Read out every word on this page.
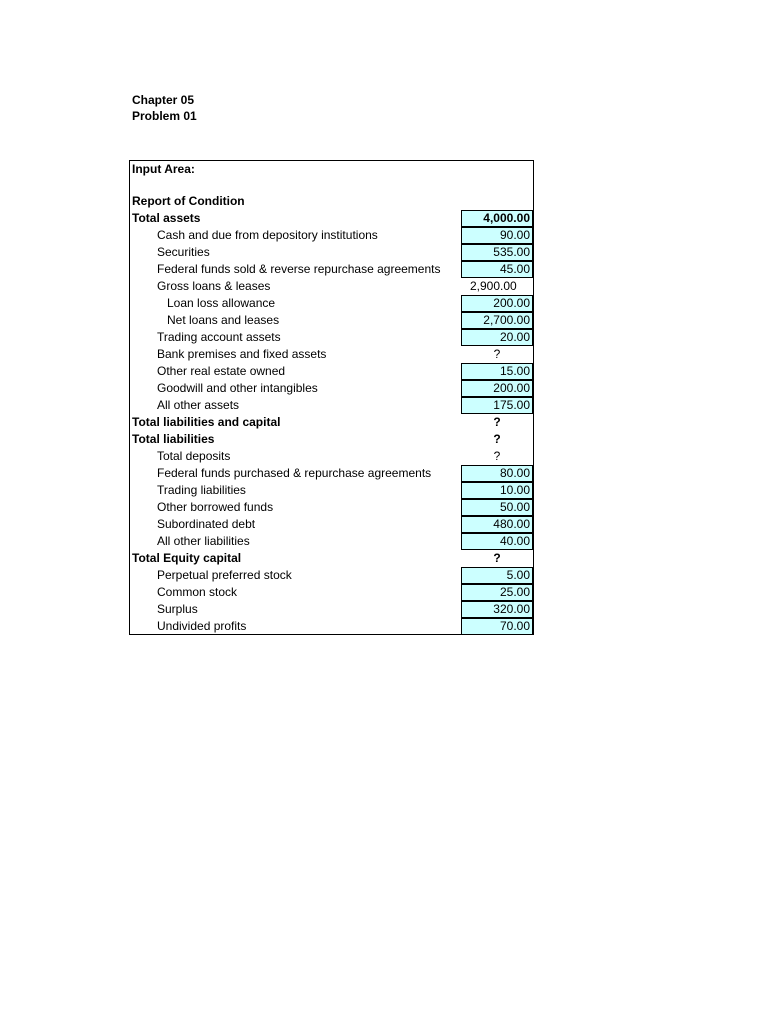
Chapter 05
Problem 01
Input Area:
Report of Condition
Total assets	4,000.00
Cash and due from depository institutions	90.00
Securities	535.00
Federal funds sold & reverse repurchase agreements	45.00
Gross loans & leases	2,900.00
Loan loss allowance	200.00
Net loans and leases	2,700.00
Trading account assets	20.00
Bank premises and fixed assets	?
Other real estate owned	15.00
Goodwill and other intangibles	200.00
All other assets	175.00
Total liabilities and capital	?
Total liabilities	?
Total deposits	?
Federal funds purchased & repurchase agreements	80.00
Trading liabilities	10.00
Other borrowed funds	50.00
Subordinated debt	480.00
All other liabilities	40.00
Total Equity capital	?
Perpetual preferred stock	5.00
Common stock	25.00
Surplus	320.00
Undivided profits	70.00
